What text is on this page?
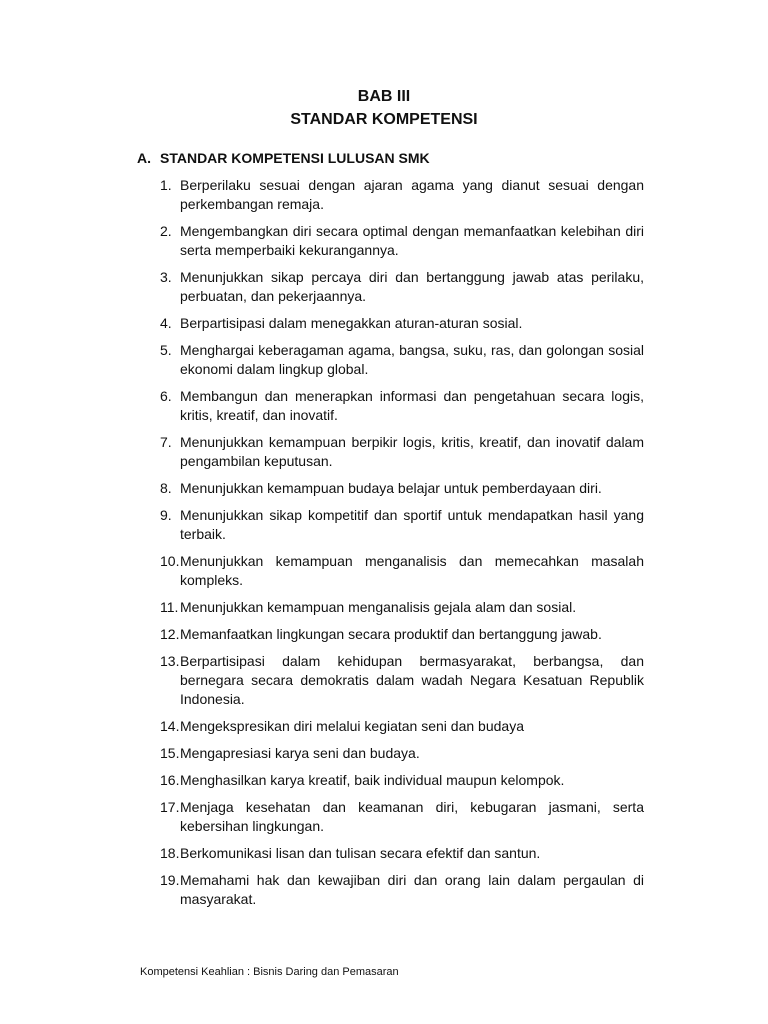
BAB III
STANDAR KOMPETENSI
A. STANDAR KOMPETENSI LULUSAN SMK
1. Berperilaku sesuai dengan ajaran agama yang dianut sesuai dengan perkembangan remaja.
2. Mengembangkan diri secara optimal dengan memanfaatkan kelebihan diri serta memperbaiki kekurangannya.
3. Menunjukkan sikap percaya diri dan bertanggung jawab atas perilaku, perbuatan, dan pekerjaannya.
4. Berpartisipasi dalam menegakkan aturan-aturan sosial.
5. Menghargai keberagaman agama, bangsa, suku, ras, dan golongan sosial ekonomi dalam lingkup global.
6. Membangun dan menerapkan informasi dan pengetahuan secara logis, kritis, kreatif, dan inovatif.
7. Menunjukkan kemampuan berpikir logis, kritis, kreatif, dan inovatif dalam pengambilan keputusan.
8. Menunjukkan kemampuan budaya belajar untuk pemberdayaan diri.
9. Menunjukkan sikap kompetitif dan sportif untuk mendapatkan hasil yang terbaik.
10. Menunjukkan kemampuan menganalisis dan memecahkan masalah kompleks.
11. Menunjukkan kemampuan menganalisis gejala alam dan sosial.
12. Memanfaatkan lingkungan secara produktif dan bertanggung jawab.
13. Berpartisipasi dalam kehidupan bermasyarakat, berbangsa, dan bernegara secara demokratis dalam wadah Negara Kesatuan Republik Indonesia.
14. Mengekspresikan diri melalui kegiatan seni dan budaya
15. Mengapresiasi karya seni dan budaya.
16. Menghasilkan karya kreatif, baik individual maupun kelompok.
17. Menjaga kesehatan dan keamanan diri, kebugaran jasmani, serta kebersihan lingkungan.
18. Berkomunikasi lisan dan tulisan secara efektif dan santun.
19. Memahami hak dan kewajiban diri dan orang lain dalam pergaulan di masyarakat.
Kompetensi Keahlian : Bisnis Daring dan Pemasaran
